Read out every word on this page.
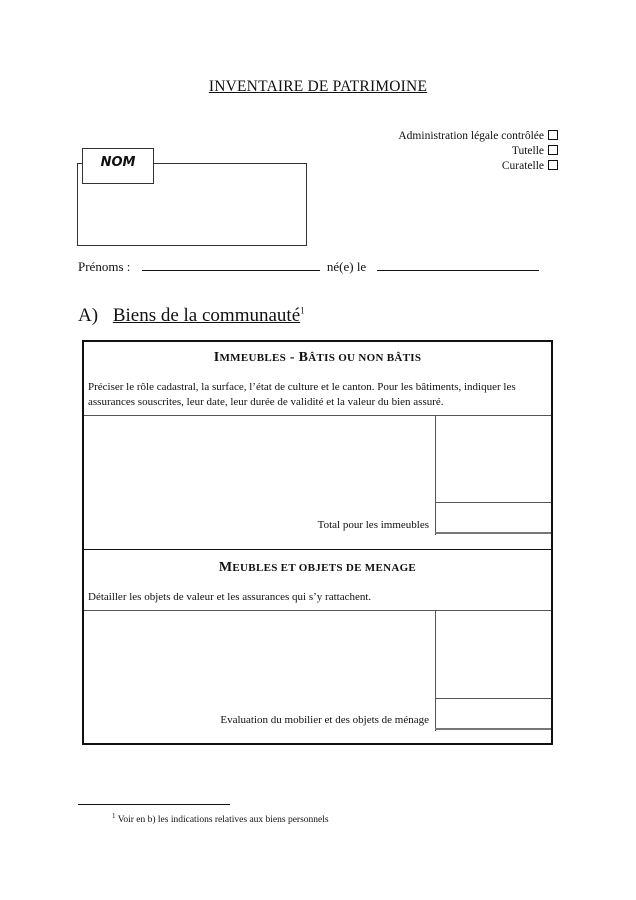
INVENTAIRE DE PATRIMOINE
Administration légale contrôlée
Tutelle
Curatelle
NOM
Prénoms :	né(e) le
A) Biens de la communauté$^1$
IMMEUBLES - BÂTIS OU NON BÂTIS
Préciser le rôle cadastral, la surface, l’état de culture et le canton. Pour les bâtiments, indiquer les assurances souscrites, leur date, leur durée de validité et la valeur du bien assuré.
Total pour les immeubles
MEUBLES ET OBJETS DE MENAGE
Détailler les objets de valeur et les assurances qui s’y rattachent.
Evaluation du mobilier et des objets de ménage
$^1$ Voir en b) les indications relatives aux biens personnels
